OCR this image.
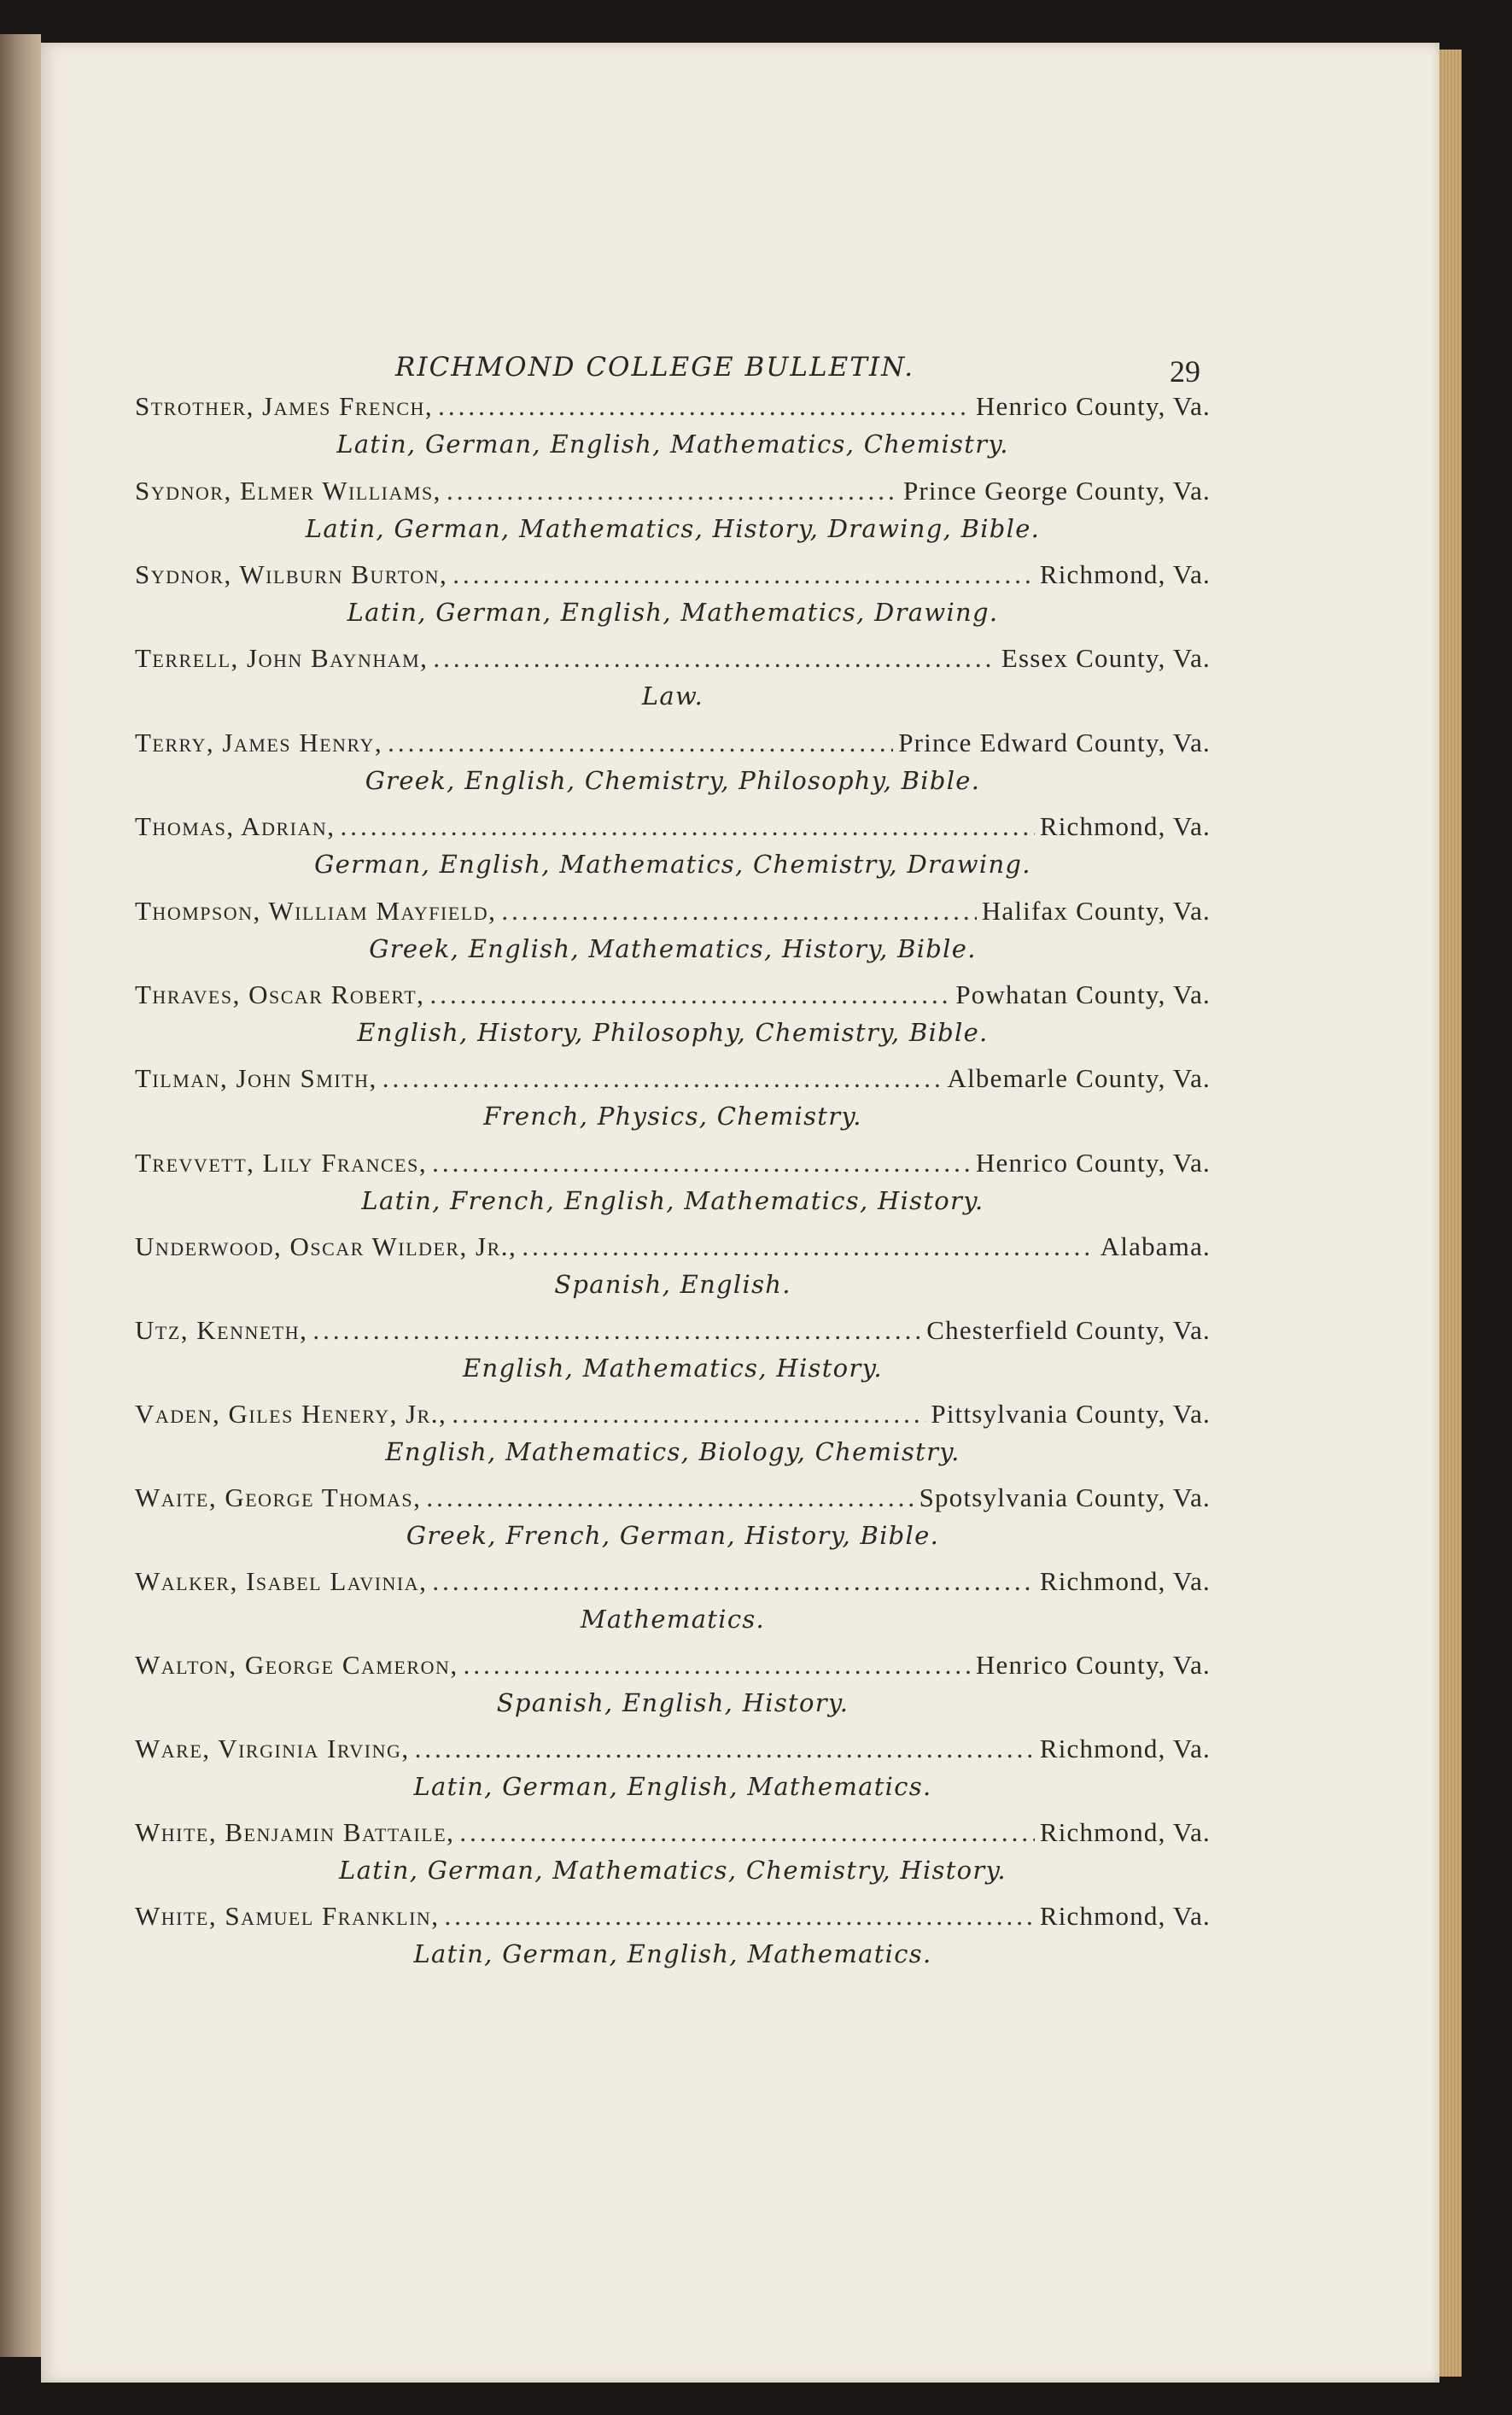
RICHMOND COLLEGE BULLETIN.	29
Strother, James French, .....	Henrico County, Va.
Latin, German, English, Mathematics, Chemistry.
Sydnor, Elmer Williams, .....	Prince George County, Va.
Latin, German, Mathematics, History, Drawing, Bible.
Sydnor, Wilburn Burton, .....	Richmond, Va.
Latin, German, English, Mathematics, Drawing.
Terrell, John Baynham, .....	Essex County, Va.
Law.
Terry, James Henry, .....	Prince Edward County, Va.
Greek, English, Chemistry, Philosophy, Bible.
Thomas, Adrian, .....	Richmond, Va.
German, English, Mathematics, Chemistry, Drawing.
Thompson, William Mayfield, .....	Halifax County, Va.
Greek, English, Mathematics, History, Bible.
Thraves, Oscar Robert, .....	Powhatan County, Va.
English, History, Philosophy, Chemistry, Bible.
Tilman, John Smith, .....	Albemarle County, Va.
French, Physics, Chemistry.
Trevvett, Lily Frances, .....	Henrico County, Va.
Latin, French, English, Mathematics, History.
Underwood, Oscar Wilder, Jr., .....	Alabama.
Spanish, English.
Utz, Kenneth, .....	Chesterfield County, Va.
English, Mathematics, History.
Vaden, Giles Henery, Jr., .....	Pittsylvania County, Va.
English, Mathematics, Biology, Chemistry.
Waite, George Thomas, .....	Spotsylvania County, Va.
Greek, French, German, History, Bible.
Walker, Isabel Lavinia, .....	Richmond, Va.
Mathematics.
Walton, George Cameron, .....	Henrico County, Va.
Spanish, English, History.
Ware, Virginia Irving, .....	Richmond, Va.
Latin, German, English, Mathematics.
White, Benjamin Battaile, .....	Richmond, Va.
Latin, German, Mathematics, Chemistry, History.
White, Samuel Franklin, .....	Richmond, Va.
Latin, German, English, Mathematics.
